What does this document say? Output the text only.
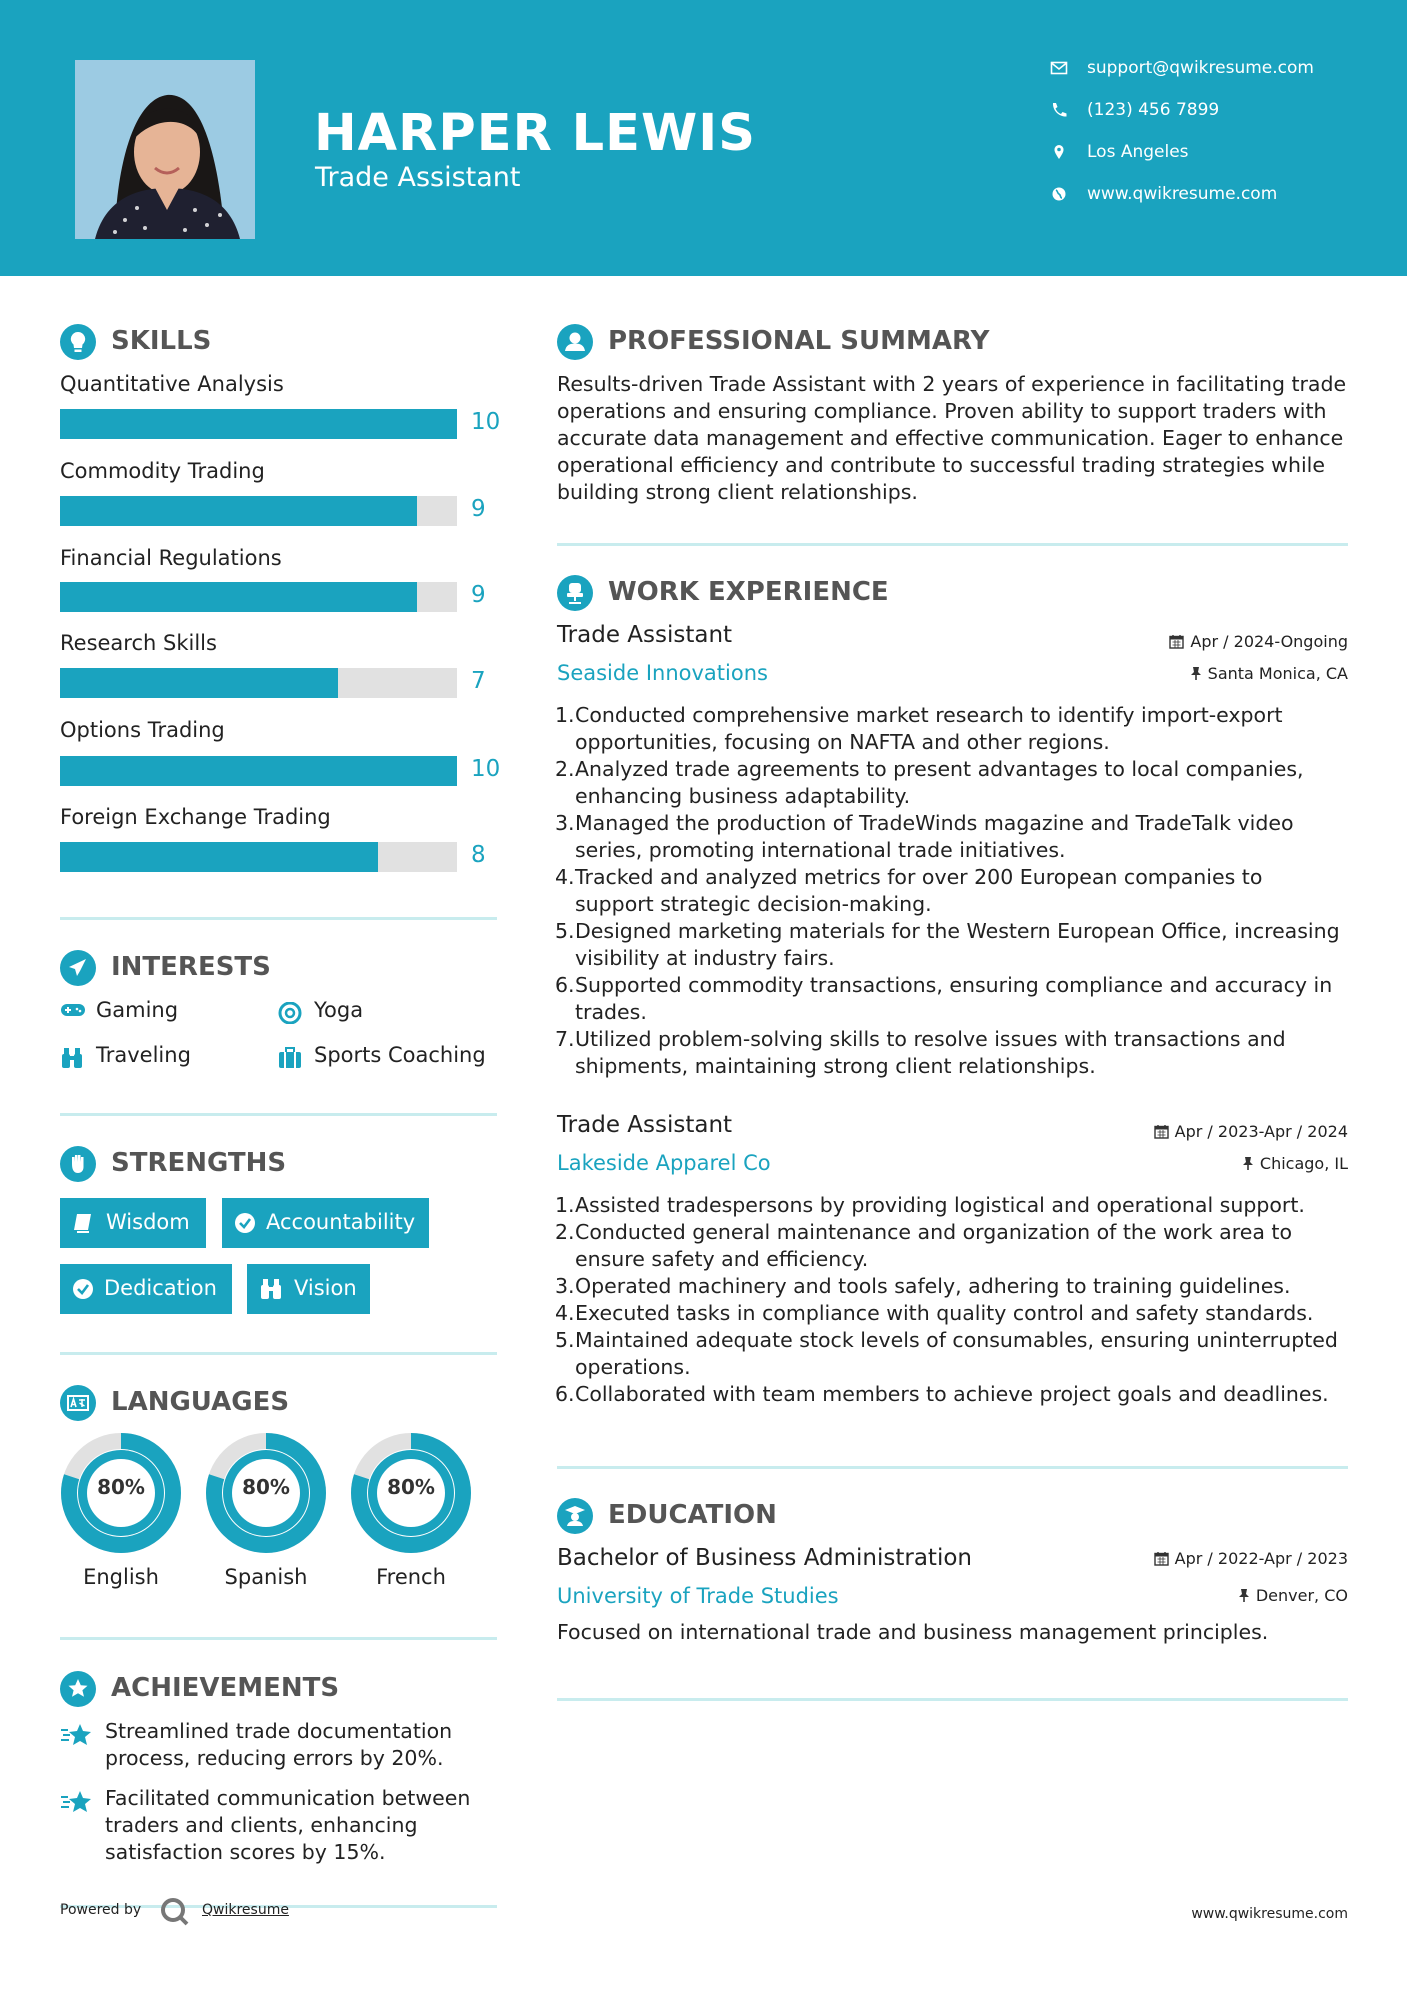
HARPER LEWIS
Trade Assistant
support@qwikresume.com
(123) 456 7899
Los Angeles
www.qwikresume.com
SKILLS
Quantitative Analysis
10
Commodity Trading
9
Financial Regulations
9
Research Skills
7
Options Trading
10
Foreign Exchange Trading
8
INTERESTS
Gaming	Yoga
Traveling	Sports Coaching
STRENGTHS
Wisdom	Accountability
Dedication	Vision
LANGUAGES
80%
English
80%
Spanish
80%
French
ACHIEVEMENTS
Streamlined trade documentation process, reducing errors by 20%.
Facilitated communication between traders and clients, enhancing satisfaction scores by 15%.
PROFESSIONAL SUMMARY
Results-driven Trade Assistant with 2 years of experience in facilitating trade operations and ensuring compliance. Proven ability to support traders with accurate data management and effective communication. Eager to enhance operational efficiency and contribute to successful trading strategies while building strong client relationships.
WORK EXPERIENCE
Trade Assistant	Apr / 2024-Ongoing
Seaside Innovations	Santa Monica, CA
Conducted comprehensive market research to identify import-export opportunities, focusing on NAFTA and other regions.
Analyzed trade agreements to present advantages to local companies, enhancing business adaptability.
Managed the production of TradeWinds magazine and TradeTalk video series, promoting international trade initiatives.
Tracked and analyzed metrics for over 200 European companies to support strategic decision-making.
Designed marketing materials for the Western European Office, increasing visibility at industry fairs.
Supported commodity transactions, ensuring compliance and accuracy in trades.
Utilized problem-solving skills to resolve issues with transactions and shipments, maintaining strong client relationships.
Trade Assistant	Apr / 2023-Apr / 2024
Lakeside Apparel Co	Chicago, IL
Assisted tradespersons by providing logistical and operational support.
Conducted general maintenance and organization of the work area to ensure safety and efficiency.
Operated machinery and tools safely, adhering to training guidelines.
Executed tasks in compliance with quality control and safety standards.
Maintained adequate stock levels of consumables, ensuring uninterrupted operations.
Collaborated with team members to achieve project goals and deadlines.
EDUCATION
Bachelor of Business Administration	Apr / 2022-Apr / 2023
University of Trade Studies	Denver, CO
Focused on international trade and business management principles.
Powered by	Qwikresume	www.qwikresume.com
